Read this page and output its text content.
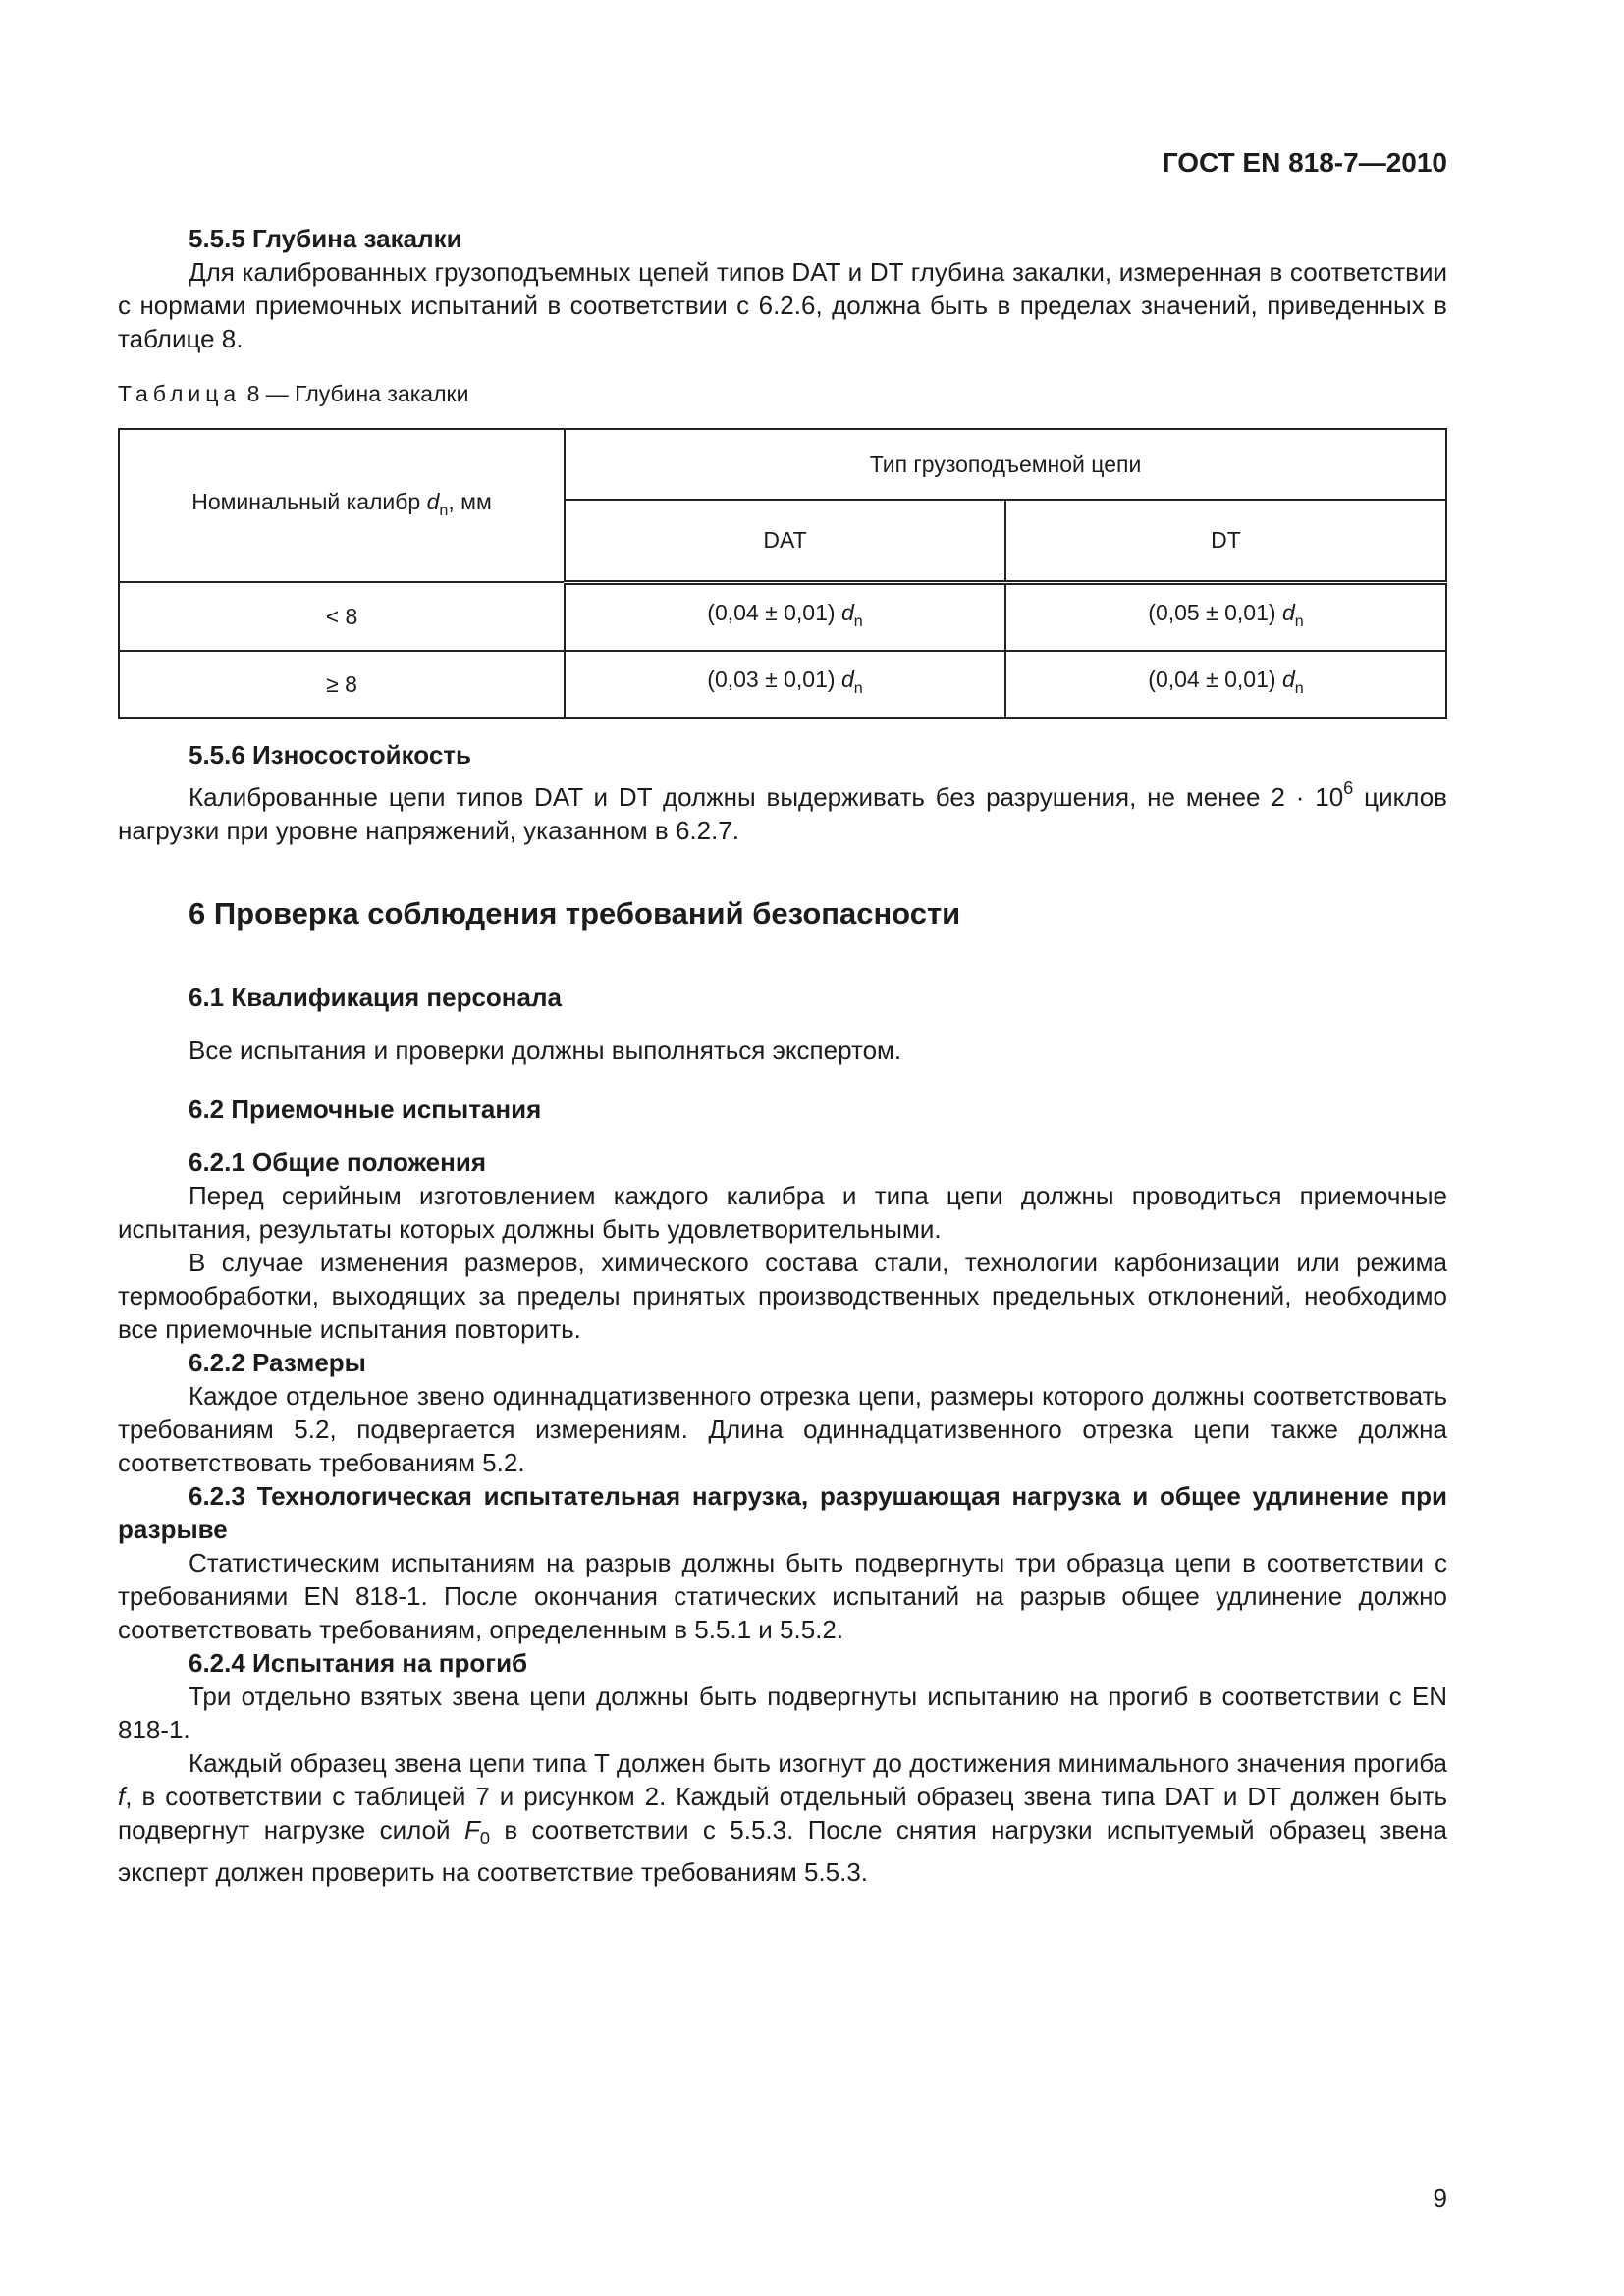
ГОСТ EN 818-7—2010

5.5.5 Глубина закалки

Для калиброванных грузоподъемных цепей типов DAT и DT глубина закалки, измеренная в соответствии с нормами приемочных испытаний в соответствии с 6.2.6, должна быть в пределах значений, приведенных в таблице 8.

Таблица 8 — Глубина закалки

Номинальный калибр $d_n$, мм	Тип грузоподъемной цепи	
	DAT	DT
< 8	(0,04 ± 0,01) $d_n$	(0,05 ± 0,01) $d_n$
≥ 8	(0,03 ± 0,01) $d_n$	(0,04 ± 0,01) $d_n$

5.5.6 Износостойкость

Калиброванные цепи типов DAT и DT должны выдерживать без разрушения, не менее $2 \cdot 10^6$ циклов нагрузки при уровне напряжений, указанном в 6.2.7.

6 Проверка соблюдения требований безопасности

6.1 Квалификация персонала

Все испытания и проверки должны выполняться экспертом.

6.2 Приемочные испытания

6.2.1 Общие положения

Перед серийным изготовлением каждого калибра и типа цепи должны проводиться приемочные испытания, результаты которых должны быть удовлетворительными.

В случае изменения размеров, химического состава стали, технологии карбонизации или режима термообработки, выходящих за пределы принятых производственных предельных отклонений, необходимо все приемочные испытания повторить.

6.2.2 Размеры

Каждое отдельное звено одиннадцатизвенного отрезка цепи, размеры которого должны соответствовать требованиям 5.2, подвергается измерениям. Длина одиннадцатизвенного отрезка цепи также должна соответствовать требованиям 5.2.

6.2.3 Технологическая испытательная нагрузка, разрушающая нагрузка и общее удлинение при разрыве

Статистическим испытаниям на разрыв должны быть подвергнуты три образца цепи в соответствии с требованиями EN 818-1. После окончания статических испытаний на разрыв общее удлинение должно соответствовать требованиям, определенным в 5.5.1 и 5.5.2.

6.2.4 Испытания на прогиб

Три отдельно взятых звена цепи должны быть подвергнуты испытанию на прогиб в соответствии с EN 818-1.

Каждый образец звена цепи типа T должен быть изогнут до достижения минимального значения прогиба f, в соответствии с таблицей 7 и рисунком 2. Каждый отдельный образец звена типа DAT и DT должен быть подвергнут нагрузке силой $F_0$ в соответствии с 5.5.3. После снятия нагрузки испытуемый образец звена эксперт должен проверить на соответствие требованиям 5.5.3.

9
